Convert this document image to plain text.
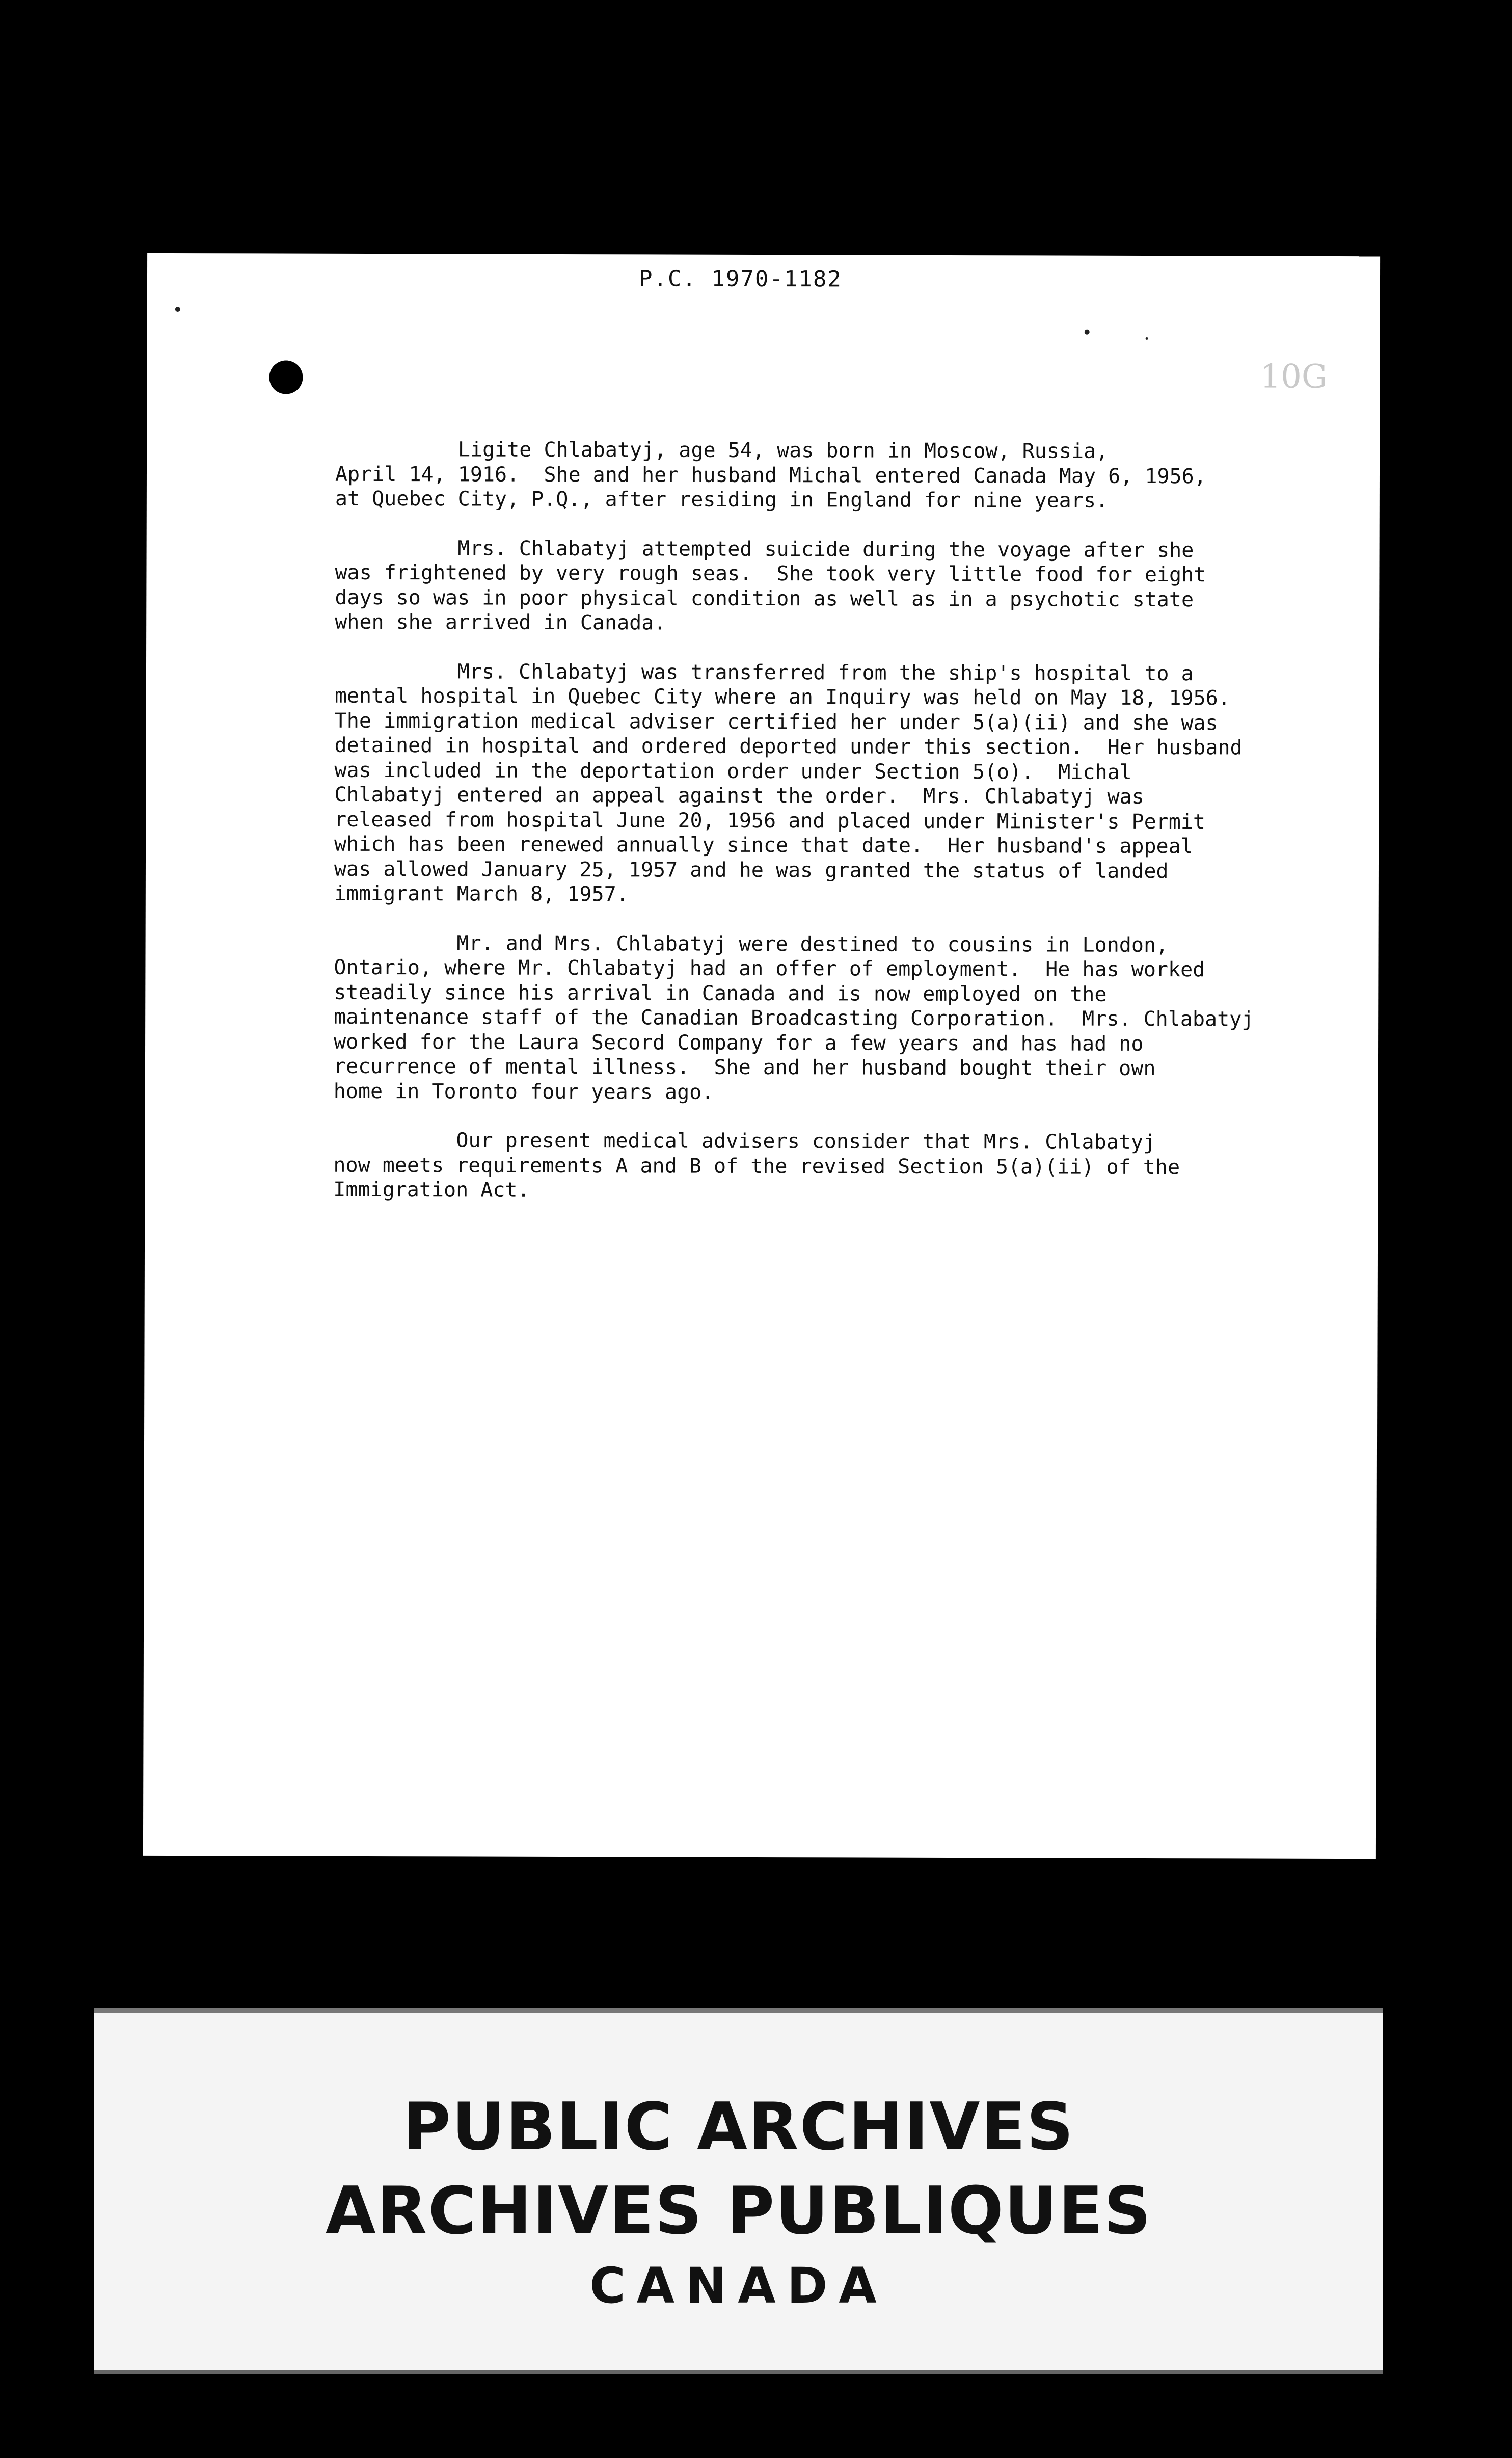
P.C. 1970-1182
10G

Ligite Chlabatyj, age 54, was born in Moscow, Russia,
April 14, 1916.  She and her husband Michal entered Canada May 6, 1956,
at Quebec City, P.Q., after residing in England for nine years.

Mrs. Chlabatyj attempted suicide during the voyage after she
was frightened by very rough seas.  She took very little food for eight
days so was in poor physical condition as well as in a psychotic state
when she arrived in Canada.

Mrs. Chlabatyj was transferred from the ship's hospital to a
mental hospital in Quebec City where an Inquiry was held on May 18, 1956.
The immigration medical adviser certified her under 5(a)(ii) and she was
detained in hospital and ordered deported under this section.  Her husband
was included in the deportation order under Section 5(o).  Michal
Chlabatyj entered an appeal against the order.  Mrs. Chlabatyj was
released from hospital June 20, 1956 and placed under Minister's Permit
which has been renewed annually since that date.  Her husband's appeal
was allowed January 25, 1957 and he was granted the status of landed
immigrant March 8, 1957.

Mr. and Mrs. Chlabatyj were destined to cousins in London,
Ontario, where Mr. Chlabatyj had an offer of employment.  He has worked
steadily since his arrival in Canada and is now employed on the
maintenance staff of the Canadian Broadcasting Corporation.  Mrs. Chlabatyj
worked for the Laura Secord Company for a few years and has had no
recurrence of mental illness.  She and her husband bought their own
home in Toronto four years ago.

Our present medical advisers consider that Mrs. Chlabatyj
now meets requirements A and B of the revised Section 5(a)(ii) of the
Immigration Act.

PUBLIC ARCHIVES
ARCHIVES PUBLIQUES
CANADA
